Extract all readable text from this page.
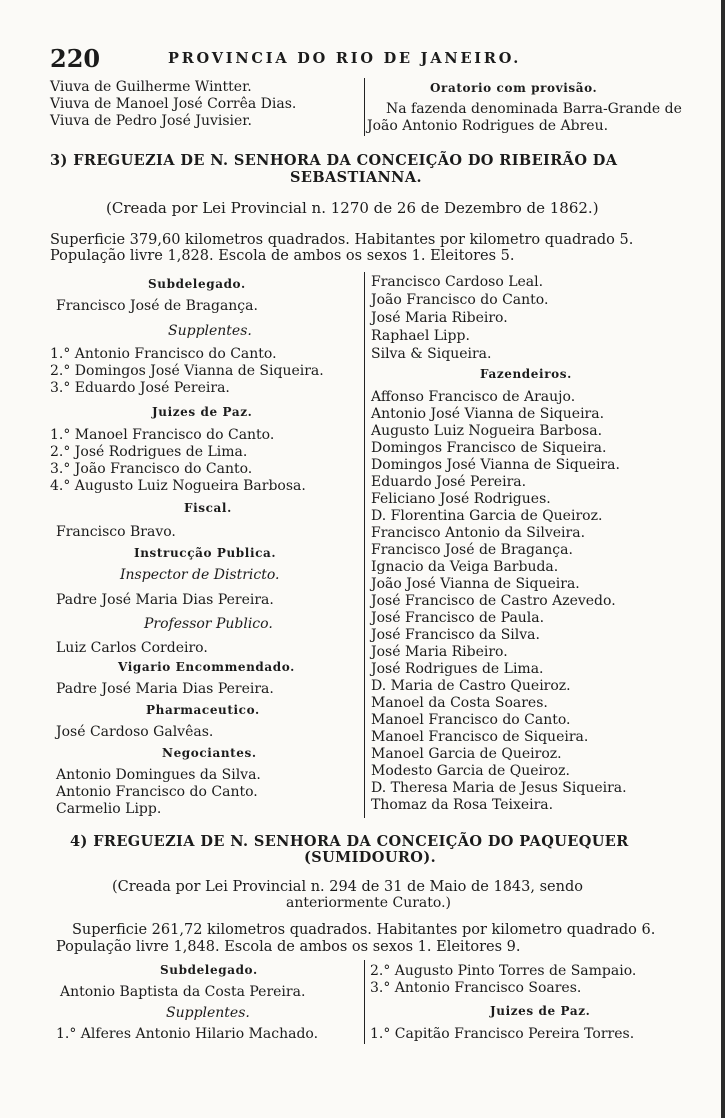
220	PROVINCIA DO RIO DE JANEIRO.
Viuva de Guilherme Wintter.
Viuva de Manoel José Corrêa Dias.
Viuva de Pedro José Juvisier.
Oratorio com provisão.
Na fazenda denominada Barra-Grande de
João Antonio Rodrigues de Abreu.
3) FREGUEZIA DE N. SENHORA DA CONCEIÇÃO DO RIBEIRÃO DA
SEBASTIANNA.
(Creada por Lei Provincial n. 1270 de 26 de Dezembro de 1862.)
Superficie 379,60 kilometros quadrados. Habitantes por kilometro quadrado 5.
População livre 1,828. Escola de ambos os sexos 1. Eleitores 5.
Subdelegado.
Francisco José de Bragança.
Supplentes.
1.° Antonio Francisco do Canto.
2.° Domingos José Vianna de Siqueira.
3.° Eduardo José Pereira.
Juizes de Paz.
1.° Manoel Francisco do Canto.
2.° José Rodrigues de Lima.
3.° João Francisco do Canto.
4.° Augusto Luiz Nogueira Barbosa.
Fiscal.
Francisco Bravo.
Instrucção Publica.
Inspector de Districto.
Padre José Maria Dias Pereira.
Professor Publico.
Luiz Carlos Cordeiro.
Vigario Encommendado.
Padre José Maria Dias Pereira.
Pharmaceutico.
José Cardoso Galvêas.
Negociantes.
Antonio Domingues da Silva.
Antonio Francisco do Canto.
Carmelio Lipp.
Francisco Cardoso Leal.
João Francisco do Canto.
José Maria Ribeiro.
Raphael Lipp.
Silva & Siqueira.
Fazendeiros.
Affonso Francisco de Araujo.
Antonio José Vianna de Siqueira.
Augusto Luiz Nogueira Barbosa.
Domingos Francisco de Siqueira.
Domingos José Vianna de Siqueira.
Eduardo José Pereira.
Feliciano José Rodrigues.
D. Florentina Garcia de Queiroz.
Francisco Antonio da Silveira.
Francisco José de Bragança.
Ignacio da Veiga Barbuda.
João José Vianna de Siqueira.
José Francisco de Castro Azevedo.
José Francisco de Paula.
José Francisco da Silva.
José Maria Ribeiro.
José Rodrigues de Lima.
D. Maria de Castro Queiroz.
Manoel da Costa Soares.
Manoel Francisco do Canto.
Manoel Francisco de Siqueira.
Manoel Garcia de Queiroz.
Modesto Garcia de Queiroz.
D. Theresa Maria de Jesus Siqueira.
Thomaz da Rosa Teixeira.
4) FREGUEZIA DE N. SENHORA DA CONCEIÇÃO DO PAQUEQUER
(SUMIDOURO).
(Creada por Lei Provincial n. 294 de 31 de Maio de 1843, sendo
anteriormente Curato.)
Superficie 261,72 kilometros quadrados. Habitantes por kilometro quadrado 6.
População livre 1,848. Escola de ambos os sexos 1. Eleitores 9.
Subdelegado.
Antonio Baptista da Costa Pereira.
Supplentes.
1.° Alferes Antonio Hilario Machado.
2.° Augusto Pinto Torres de Sampaio.
3.° Antonio Francisco Soares.
Juizes de Paz.
1.° Capitão Francisco Pereira Torres.
